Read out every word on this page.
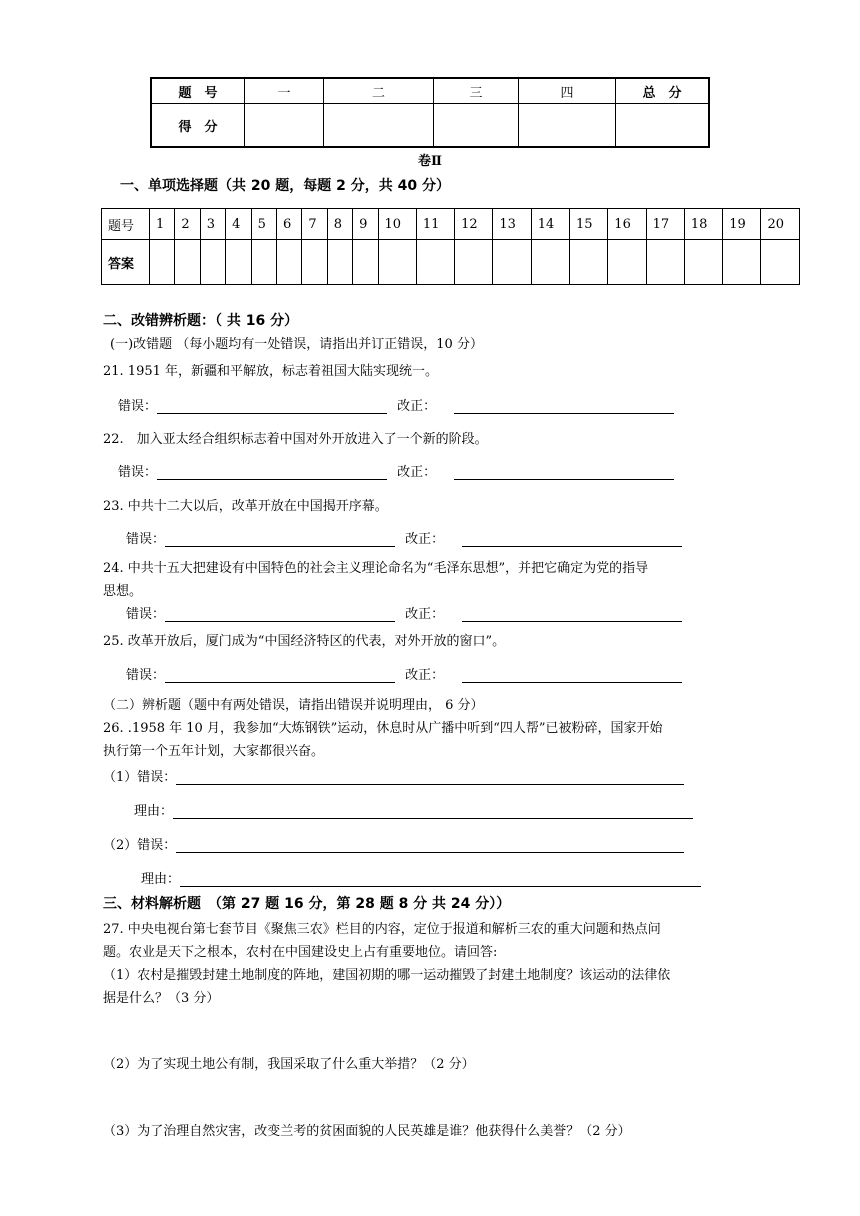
题　号	一	二	三	四	总　分
得　分					
卷Ⅱ
一、单项选择题（共 20 题，每题 2 分，共 40 分）
题号	1	2	3	4	5	6	7	8	9	10	11	12	13	14	15	16	17	18	19	20
答案																				
二、改错辨析题：（ 共 16 分）
(一)改错题 （每小题均有一处错误，请指出并订正错误，10 分）
21. 1951 年，新疆和平解放，标志着祖国大陆实现统一。
错误：	改正：
22.　加入亚太经合组织标志着中国对外开放进入了一个新的阶段。
错误：	改正：
23. 中共十二大以后，改革开放在中国揭开序幕。
错误：	改正：
24. 中共十五大把建设有中国特色的社会主义理论命名为“毛泽东思想”，并把它确定为党的指导
思想。
错误：	改正：
25. 改革开放后，厦门成为“中国经济特区的代表，对外开放的窗口”。
错误：	改正：
（二）辨析题（题中有两处错误，请指出错误并说明理由， 6 分）
26. .1958 年 10 月，我参加“大炼钢铁”运动，休息时从广播中听到“四人帮”已被粉碎，国家开始
执行第一个五年计划，大家都很兴奋。
（1）错误：
理由：
（2）错误：
理由：
三、材料解析题　（第 27 题 16 分，第 28 题 8 分 共 24 分））
27. 中央电视台第七套节目《聚焦三农》栏目的内容，定位于报道和解析三农的重大问题和热点问
题。农业是天下之根本，农村在中国建设史上占有重要地位。请回答:
（1）农村是摧毁封建土地制度的阵地，建国初期的哪一运动摧毁了封建土地制度？该运动的法律依
据是什么？（3 分）
（2）为了实现土地公有制，我国采取了什么重大举措？（2 分）
（3）为了治理自然灾害，改变兰考的贫困面貌的人民英雄是谁？他获得什么美誉？（2 分）
